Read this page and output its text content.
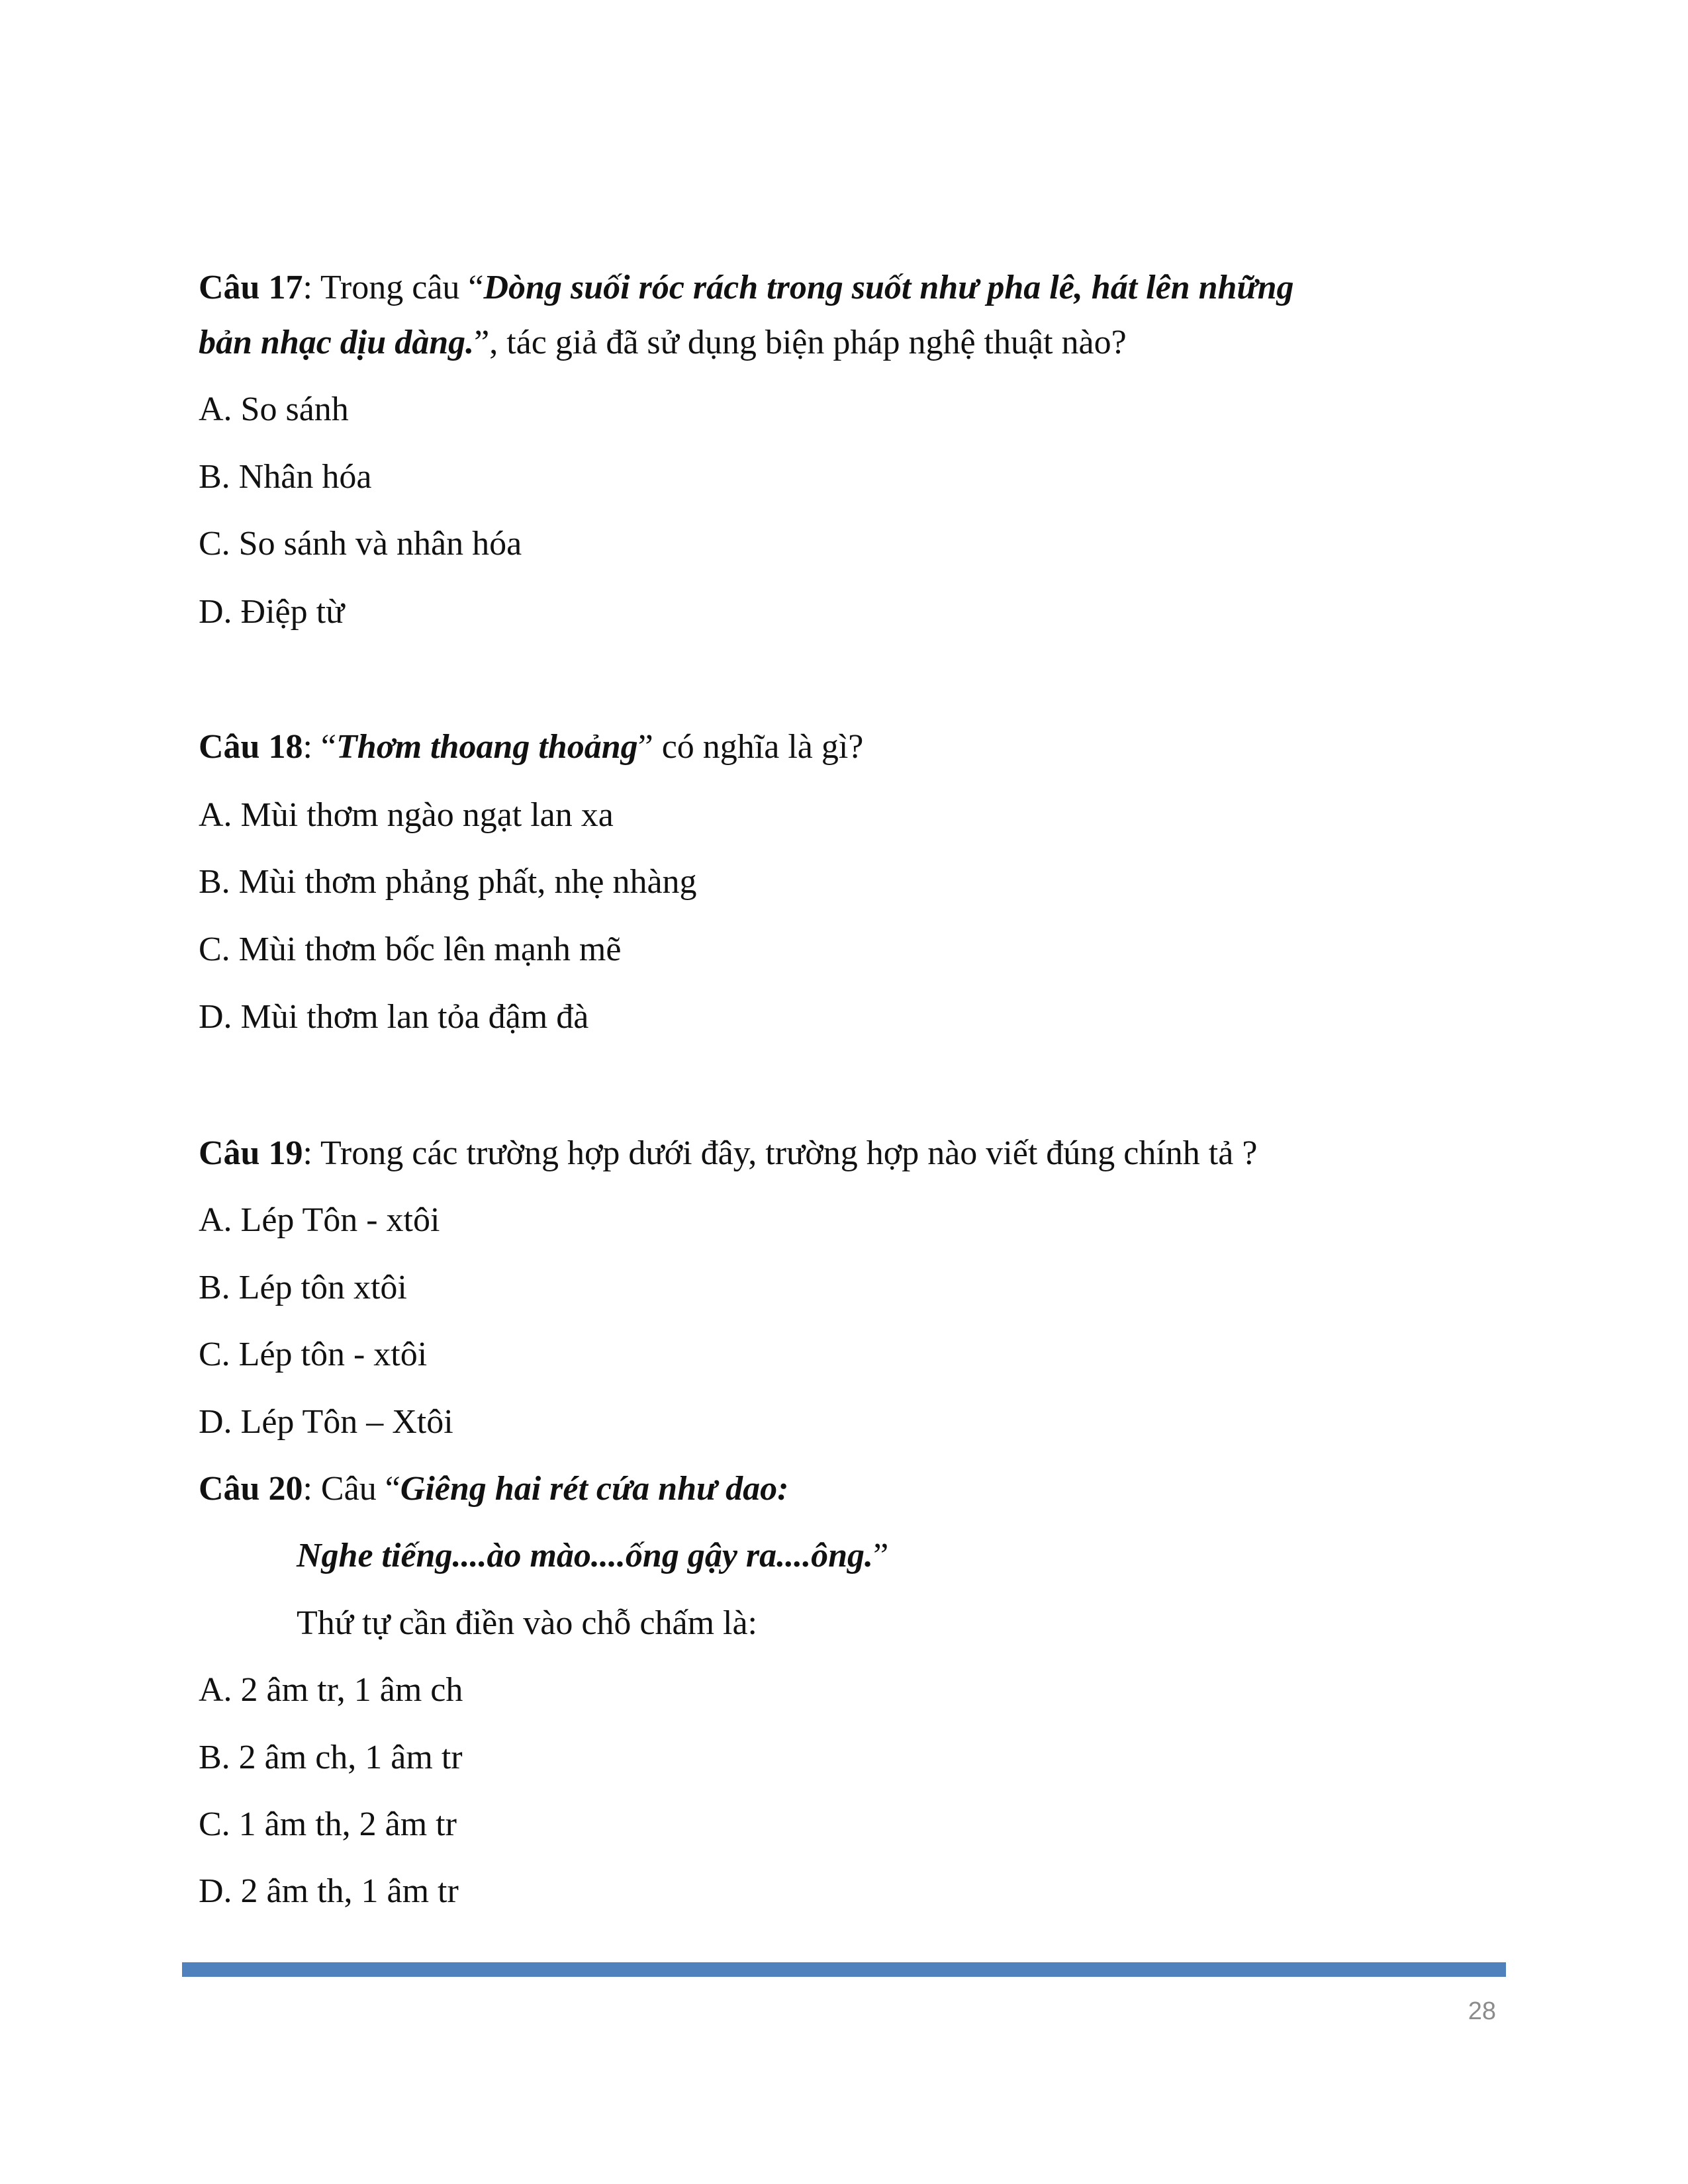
Câu 17: Trong câu “Dòng suối róc rách trong suốt như pha lê, hát lên những
bản nhạc dịu dàng.”, tác giả đã sử dụng biện pháp nghệ thuật nào?
A. So sánh
B. Nhân hóa
C. So sánh và nhân hóa
D. Điệp từ
Câu 18: “Thơm thoang thoảng” có nghĩa là gì?
A. Mùi thơm ngào ngạt lan xa
B. Mùi thơm phảng phất, nhẹ nhàng
C. Mùi thơm bốc lên mạnh mẽ
D. Mùi thơm lan tỏa đậm đà
Câu 19: Trong các trường hợp dưới đây, trường hợp nào viết đúng chính tả ?
A. Lép Tôn - xtôi
B. Lép tôn xtôi
C. Lép tôn - xtôi
D. Lép Tôn – Xtôi
Câu 20: Câu “Giêng hai rét cứa như dao:
Nghe tiếng....ào mào....ống gậy ra....ông.”
Thứ tự cần điền vào chỗ chấm là:
A. 2 âm tr, 1 âm ch
B. 2 âm ch, 1 âm tr
C. 1 âm th, 2 âm tr
D. 2 âm th, 1 âm tr
28
